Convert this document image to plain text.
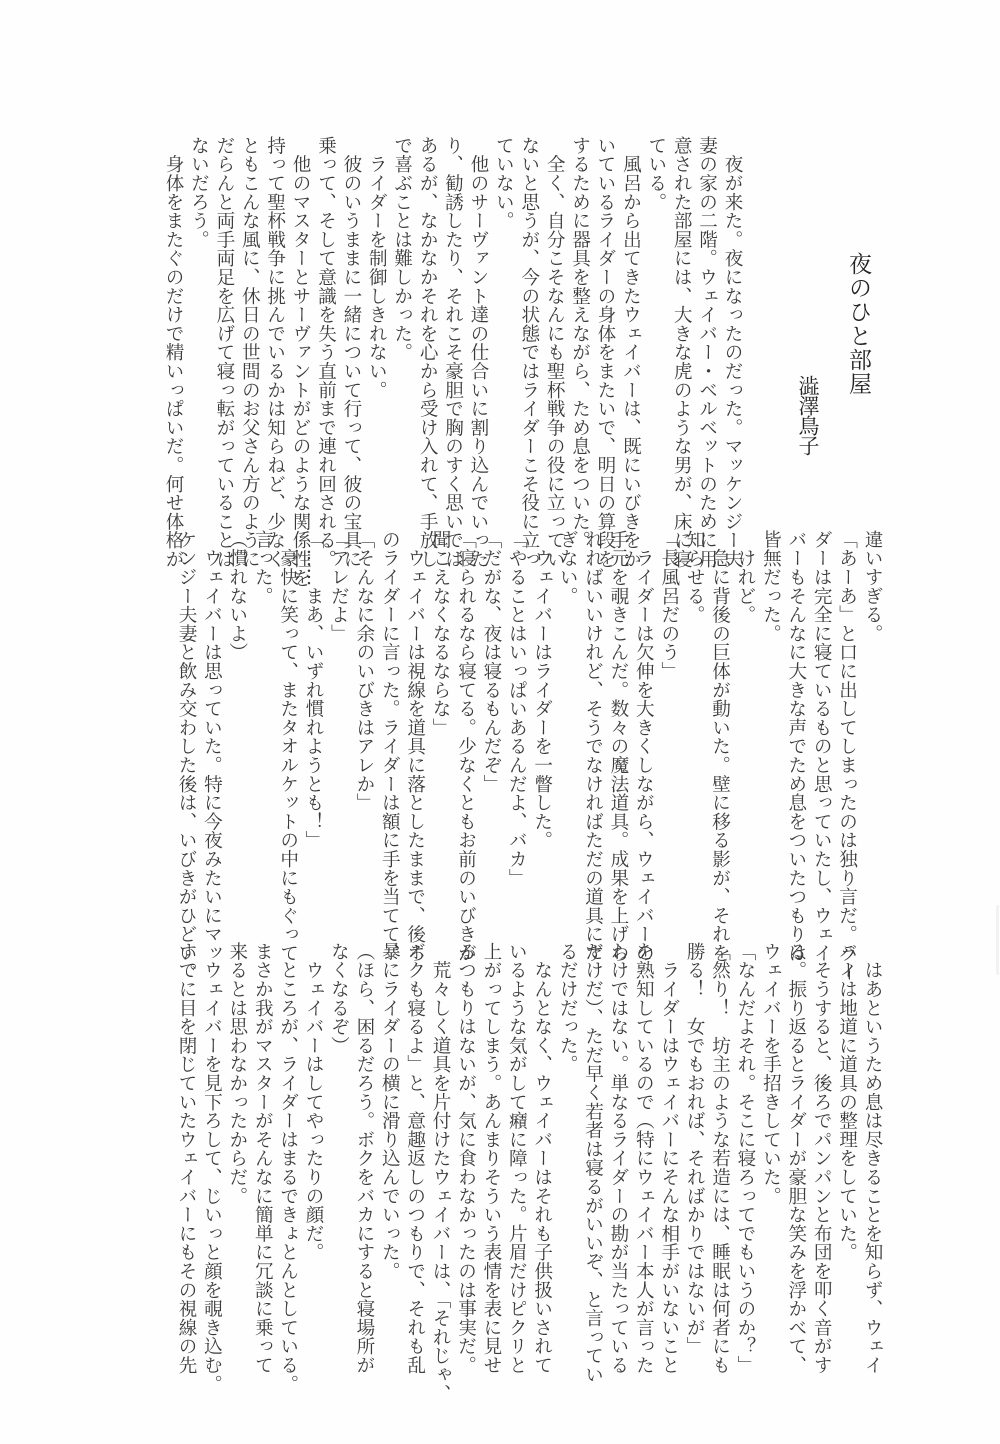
夜のひと部屋
澁澤鳥子
　夜が来た。夜になったのだった。マッケンジー夫
妻の家の二階。ウェイバー・ベルベットのために用
意された部屋には、大きな虎のような男が、床に寝
ている。
　風呂から出てきたウェイバーは、既にいびきをか
いているライダーの身体をまたいで、明日の算段を
するために器具を整えながら、ため息をついた。
　全く、自分こそなんにも聖杯戦争の役に立ってい
ないと思うが、今の状態ではライダーこそ役に立っ
ていない。
　他のサーヴァント達の仕合いに割り込んでいった
り、勧誘したり、それこそ豪胆で胸のすく思いでは
あるが、なかなかそれを心から受け入れて、手放し
で喜ぶことは難しかった。
　ライダーを制御しきれない。
　彼のいうままに一緒について行って、彼の宝具に
乗って、そして意識を失う直前まで連れ回される。
　他のマスターとサーヴァントがどのような関係性を
持って聖杯戦争に挑んでいるかは知らねど、少なく
ともこんな風に、休日の世間のお父さん方のように
だらんと両手両足を広げて寝っ転がっていることは
ないだろう。
　身体をまたぐのだけで精いっぱいだ。何せ体格が
違いすぎる。
「あーあ」と口に出してしまったのは独り言だ。ライ
ダーは完全に寝ているものと思っていたし、ウェイ
バーもそんなに大きな声でため息をついたつもりは
皆無だった。
　けれど。
　急に背後の巨体が動いた。壁に移る影が、それを
知らせる。
「長風呂だのう」
　ライダーは欠伸を大きくしながら、ウェイバーの
手元を覗きこんだ。数々の魔法道具。成果を上げら
れればいいけれど、そうでなければただの道具にす
ぎない。
　ウェイバーはライダーを一瞥した。
「やることはいっぱいあるんだよ、バカ」
「だがな、夜は寝るもんだぞ」
「寝られるなら寝てる。少なくともお前のいびきが
聞こえなくなるならな」
　ウェイバーは視線を道具に落としたままで、後ろ
のライダーに言った。ライダーは額に手を当てて、
「そんなに余のいびきはアレか」
「アレだよ」
「……まあ、いずれ慣れようとも！」
　豪快に笑って、またタオルケットの中にもぐって
言った。
（慣れないよ）
　ウェイバーは思っていた。特に今夜みたいにマッ
ケンジー夫妻と飲み交わした後は、いびきがひどい。
　はあというため息は尽きることを知らず、ウェイ
バーは地道に道具の整理をしていた。
　そうすると、後ろでパンパンと布団を叩く音がす
る。振り返るとライダーが豪胆な笑みを浮かべて、
ウェイバーを手招きしていた。
「なんだよそれ。そこに寝ろってでもいうのか？」
「然り！　坊主のような若造には、睡眠は何者にも
勝る！　女でもおれば、そればかりではないが」
　ライダーはウェイバーにそんな相手がいないこと
を熟知しているので（特にウェイバー本人が言った
わけではない。単なるライダーの勘が当たっている
だけだ）、ただ早く若者は寝るがいいぞ、と言ってい
るだけだった。
　なんとなく、ウェイバーはそれも子供扱いされて
いるような気がして癪に障った。片眉だけピクリと
上がってしまう。あんまりそういう表情を表に見せ
るつもりはないが、気に食わなかったのは事実だ。
　荒々しく道具を片付けたウェイバーは、「それじゃ、
ボクも寝るよ」と、意趣返しのつもりで、それも乱
暴にライダーの横に滑り込んでいった。
（ほら、困るだろう。ボクをバカにすると寝場所が
なくなるぞ）
　ウェイバーはしてやったりの顔だ。
　ところが、ライダーはまるできょとんとしている。
まさか我がマスターがそんなに簡単に冗談に乗って
来るとは思わなかったからだ。
　ウェイバーを見下ろして、じいっと顔を覗き込む。
すでに目を閉じていたウェイバーにもその視線の先
